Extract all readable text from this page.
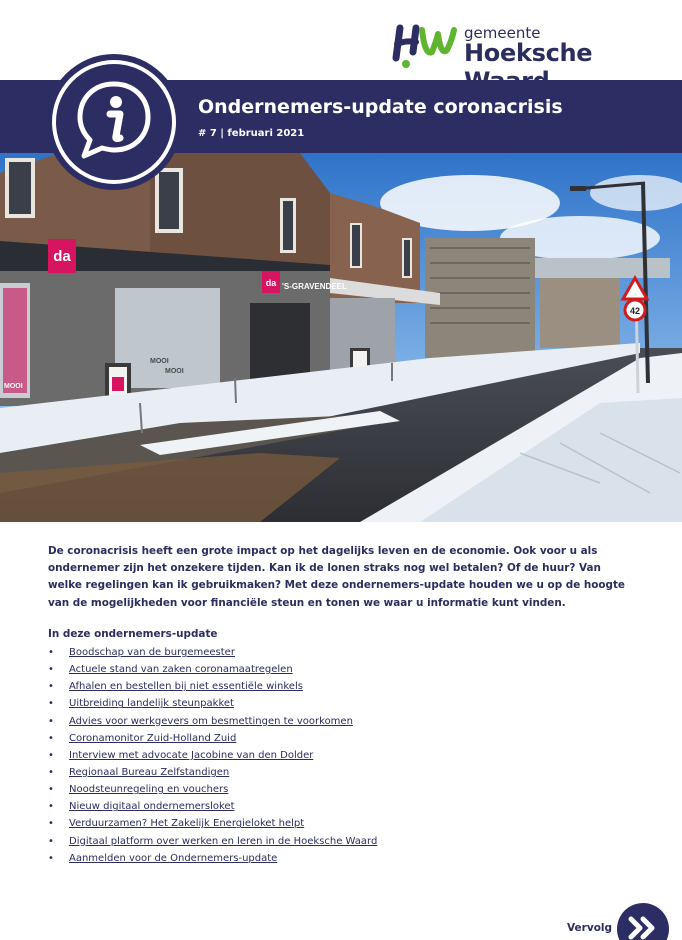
gemeente
Hoeksche
Ondernemers-update coronacrisis
# 7 | februari 2021
da
da 'S-GRAVENDEEL
MOOI
MOOI
MOOI
42

De coronacrisis heeft een grote impact op het dagelijks leven en de economie. Ook voor u als ondernemer zijn het onzekere tijden. Kan ik de lonen straks nog wel betalen? Of de huur? Van welke regelingen kan ik gebruikmaken? Met deze ondernemers-update houden we u op de hoogte van de mogelijkheden voor financiële steun en tonen we waar u informatie kunt vinden.

In deze ondernemers-update
• Boodschap van de burgemeester
• Actuele stand van zaken coronamaatregelen
• Afhalen en bestellen bij niet essentiële winkels
• Uitbreiding landelijk steunpakket
• Advies voor werkgevers om besmettingen te voorkomen
• Coronamonitor Zuid-Holland Zuid
• Interview met advocate Jacobine van den Dolder
• Regionaal Bureau Zelfstandigen
• Noodsteunregeling en vouchers
• Nieuw digitaal ondernemersloket
• Verduurzamen? Het Zakelijk Energieloket helpt
• Digitaal platform over werken en leren in de Hoeksche Waard
• Aanmelden voor de Ondernemers-update
Vervolg
